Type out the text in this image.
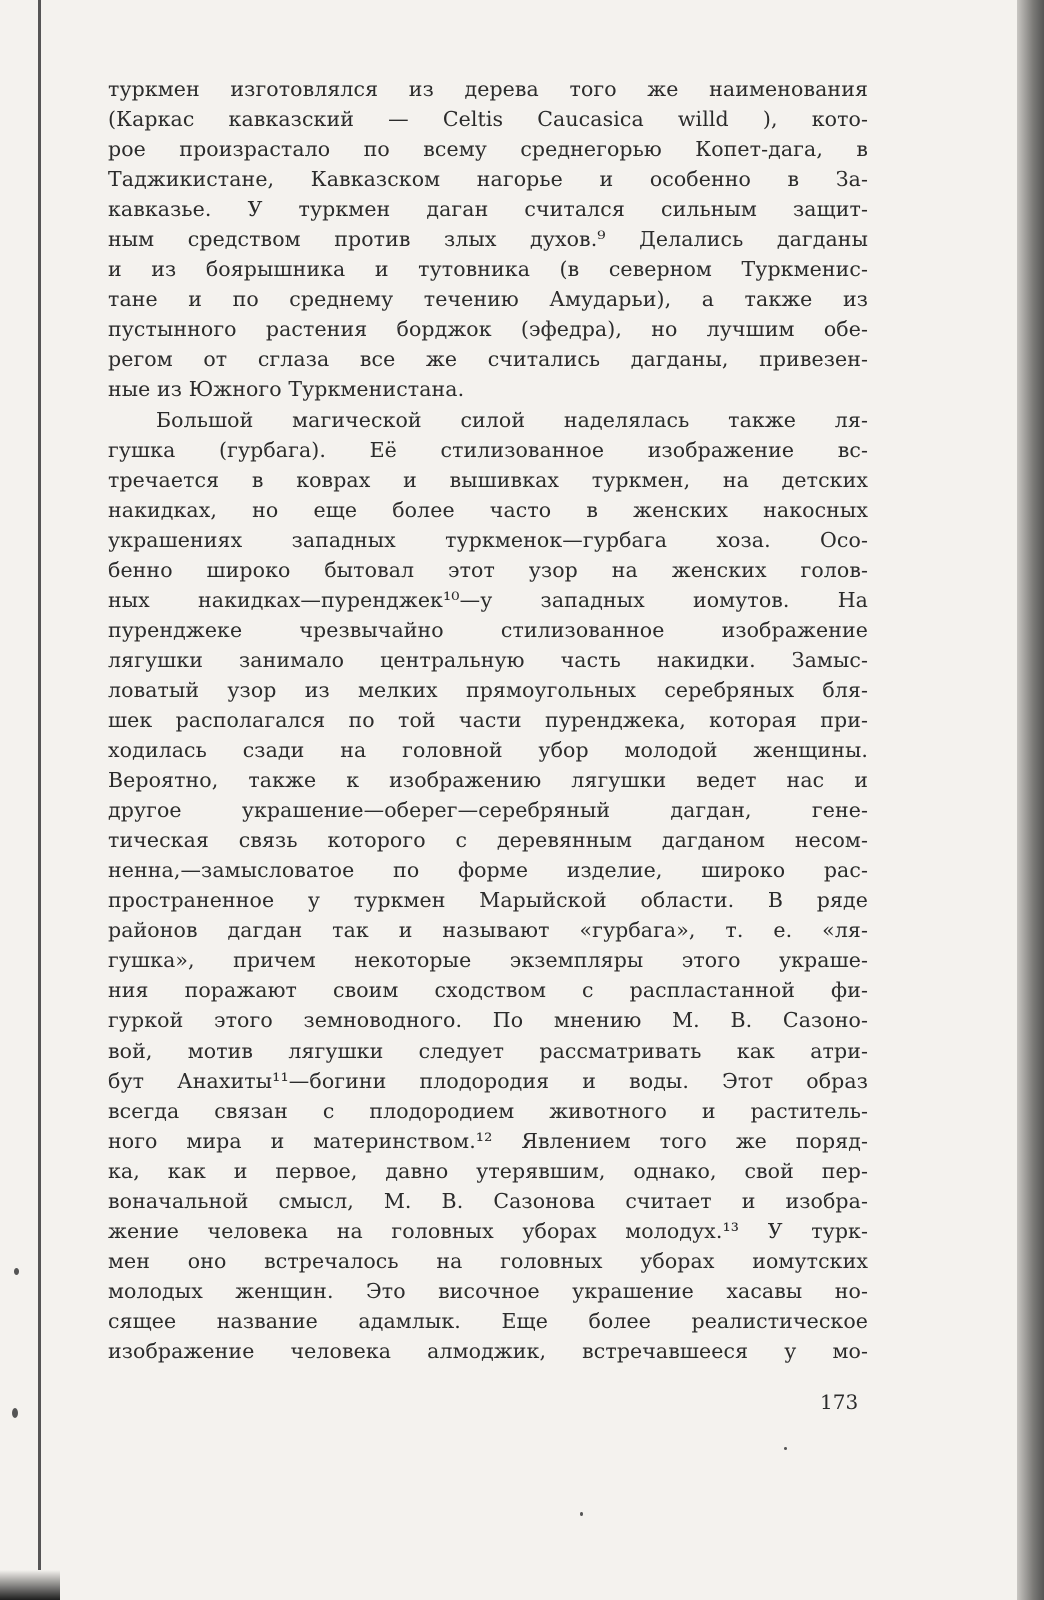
туркмен изготовлялся из дерева того же наименования
(Каркас кавказский — Celtis Caucasica willd ), кото-
рое произрастало по всему среднегорью Копет-дага, в
Таджикистане, Кавказском нагорье и особенно в За-
кавказье. У туркмен даган считался сильным защит-
ным средством против злых духов.⁹ Делались дагданы
и из боярышника и тутовника (в северном Туркменис-
тане и по среднему течению Амударьи), а также из
пустынного растения борджок (эфедра), но лучшим обе-
регом от сглаза все же считались дагданы, привезен-
ные из Южного Туркменистана.
Большой магической силой наделялась также ля-
гушка (гурбага). Её стилизованное изображение вс-
тречается в коврах и вышивках туркмен, на детских
накидках, но еще более часто в женских накосных
украшениях западных туркменок—гурбага хоза. Осо-
бенно широко бытовал этот узор на женских голов-
ных накидках—пуренджек¹⁰—у западных иомутов. На
пуренджеке чрезвычайно стилизованное изображение
лягушки занимало центральную часть накидки. Замыс-
ловатый узор из мелких прямоугольных серебряных бля-
шек располагался по той части пуренджека, которая при-
ходилась сзади на головной убор молодой женщины.
Вероятно, также к изображению лягушки ведет нас и
другое украшение—оберег—серебряный дагдан, гене-
тическая связь которого с деревянным дагданом несом-
ненна,—замысловатое по форме изделие, широко рас-
пространенное у туркмен Марыйской области. В ряде
районов дагдан так и называют «гурбага», т. е. «ля-
гушка», причем некоторые экземпляры этого украше-
ния поражают своим сходством с распластанной фи-
гуркой этого земноводного. По мнению М. В. Сазоно-
вой, мотив лягушки следует рассматривать как атри-
бут Анахиты¹¹—богини плодородия и воды. Этот образ
всегда связан с плодородием животного и раститель-
ного мира и материнством.¹² Явлением того же поряд-
ка, как и первое, давно утерявшим, однако, свой пер-
воначальной смысл, М. В. Сазонова считает и изобра-
жение человека на головных уборах молодух.¹³ У турк-
мен оно встречалось на головных уборах иомутских
молодых женщин. Это височное украшение хасавы но-
сящее название адамлык. Еще более реалистическое
изображение человека алмоджик, встречавшееся у мо-
173
